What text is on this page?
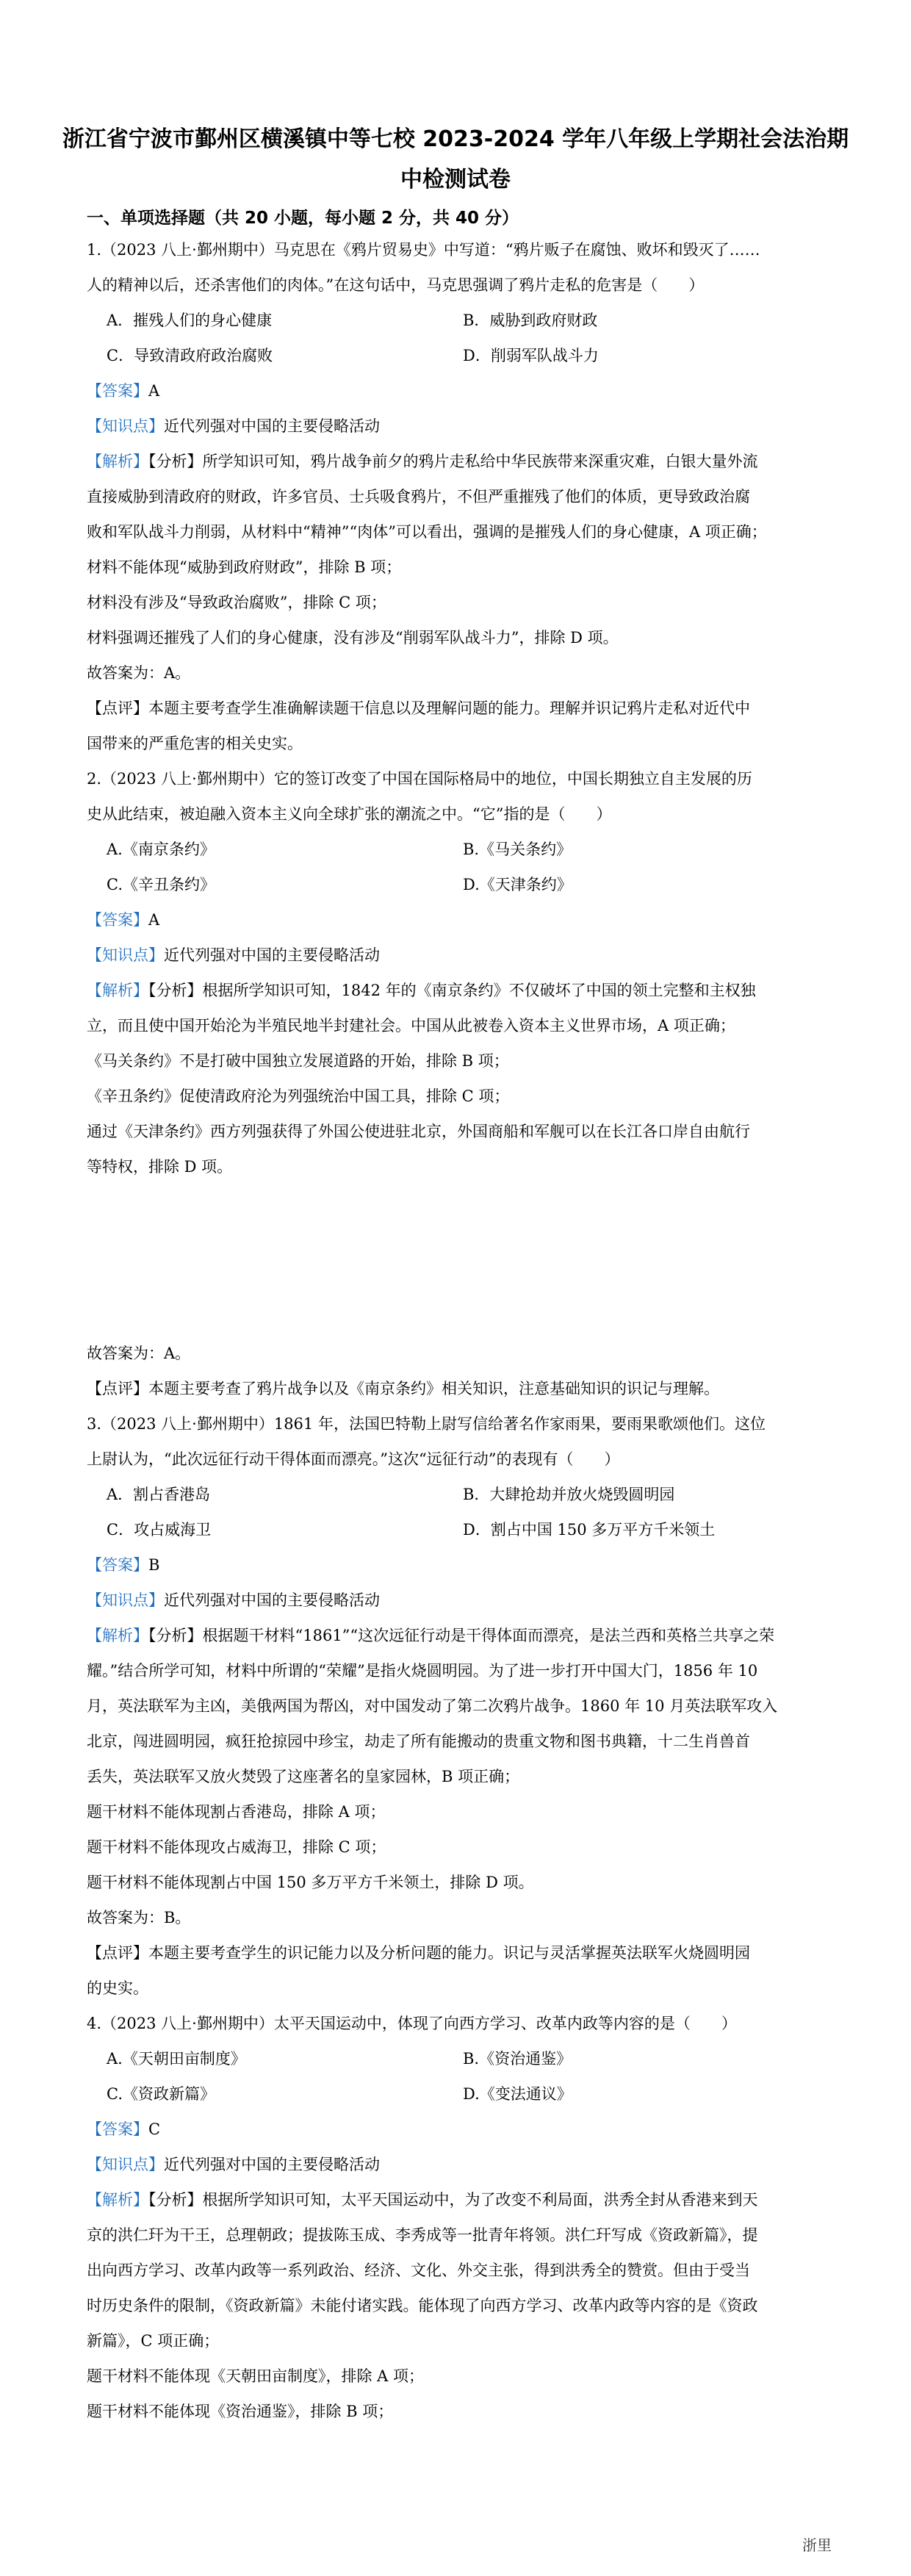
浙江省宁波市鄞州区横溪镇中等七校 2023-2024 学年八年级上学期社会法治期
中检测试卷
一、单项选择题（共 20 小题，每小题 2 分，共 40 分）
1.（2023 八上·鄞州期中）马克思在《鸦片贸易史》中写道：“鸦片贩子在腐蚀、败坏和毁灭了……
人的精神以后，还杀害他们的肉体。”在这句话中，马克思强调了鸦片走私的危害是（　　）
A．摧残人们的身心健康	B．威胁到政府财政
C．导致清政府政治腐败	D．削弱军队战斗力
【答案】A
【知识点】近代列强对中国的主要侵略活动
【解析】【分析】所学知识可知，鸦片战争前夕的鸦片走私给中华民族带来深重灾难，白银大量外流
直接威胁到清政府的财政，许多官员、士兵吸食鸦片，不但严重摧残了他们的体质，更导致政治腐
败和军队战斗力削弱，从材料中“精神”“肉体”可以看出，强调的是摧残人们的身心健康，A 项正确；
材料不能体现“威胁到政府财政”，排除 B 项；
材料没有涉及“导致政治腐败”，排除 C 项；
材料强调还摧残了人们的身心健康，没有涉及“削弱军队战斗力”，排除 D 项。
故答案为：A。
【点评】本题主要考查学生准确解读题干信息以及理解问题的能力。理解并识记鸦片走私对近代中
国带来的严重危害的相关史实。
2.（2023 八上·鄞州期中）它的签订改变了中国在国际格局中的地位，中国长期独立自主发展的历
史从此结束，被迫融入资本主义向全球扩张的潮流之中。“它”指的是（　　）
A.《南京条约》	B.《马关条约》
C.《辛丑条约》	D.《天津条约》
【答案】A
【知识点】近代列强对中国的主要侵略活动
【解析】【分析】根据所学知识可知，1842 年的《南京条约》不仅破坏了中国的领土完整和主权独
立，而且使中国开始沦为半殖民地半封建社会。中国从此被卷入资本主义世界市场，A 项正确；
《马关条约》不是打破中国独立发展道路的开始，排除 B 项；
《辛丑条约》促使清政府沦为列强统治中国工具，排除 C 项；
通过《天津条约》西方列强获得了外国公使进驻北京，外国商船和军舰可以在长江各口岸自由航行
等特权，排除 D 项。
故答案为：A。
【点评】本题主要考查了鸦片战争以及《南京条约》相关知识，注意基础知识的识记与理解。
3.（2023 八上·鄞州期中）1861 年，法国巴特勒上尉写信给著名作家雨果，要雨果歌颂他们。这位
上尉认为，“此次远征行动干得体面而漂亮。”这次“远征行动”的表现有（　　）
A．割占香港岛	B．大肆抢劫并放火烧毁圆明园
C．攻占威海卫	D．割占中国 150 多万平方千米领土
【答案】B
【知识点】近代列强对中国的主要侵略活动
【解析】【分析】根据题干材料“1861”“这次远征行动是干得体面而漂亮，是法兰西和英格兰共享之荣
耀。”结合所学可知，材料中所谓的“荣耀”是指火烧圆明园。为了进一步打开中国大门，1856 年 10
月，英法联军为主凶，美俄两国为帮凶，对中国发动了第二次鸦片战争。1860 年 10 月英法联军攻入
北京，闯进圆明园，疯狂抢掠园中珍宝，劫走了所有能搬动的贵重文物和图书典籍，十二生肖兽首
丢失，英法联军又放火焚毁了这座著名的皇家园林，B 项正确；
题干材料不能体现割占香港岛，排除 A 项；
题干材料不能体现攻占威海卫，排除 C 项；
题干材料不能体现割占中国 150 多万平方千米领土，排除 D 项。
故答案为：B。
【点评】本题主要考查学生的识记能力以及分析问题的能力。识记与灵活掌握英法联军火烧圆明园
的史实。
4.（2023 八上·鄞州期中）太平天国运动中，体现了向西方学习、改革内政等内容的是（　　）
A.《天朝田亩制度》	B.《资治通鉴》
C.《资政新篇》	D.《变法通议》
【答案】C
【知识点】近代列强对中国的主要侵略活动
【解析】【分析】根据所学知识可知，太平天国运动中，为了改变不利局面，洪秀全封从香港来到天
京的洪仁玕为干王，总理朝政；提拔陈玉成、李秀成等一批青年将领。洪仁玕写成《资政新篇》，提
出向西方学习、改革内政等一系列政治、经济、文化、外交主张，得到洪秀全的赞赏。但由于受当
时历史条件的限制，《资政新篇》未能付诸实践。能体现了向西方学习、改革内政等内容的是《资政
新篇》，C 项正确；
题干材料不能体现《天朝田亩制度》，排除 A 项；
题干材料不能体现《资治通鉴》，排除 B 项；
浙里
